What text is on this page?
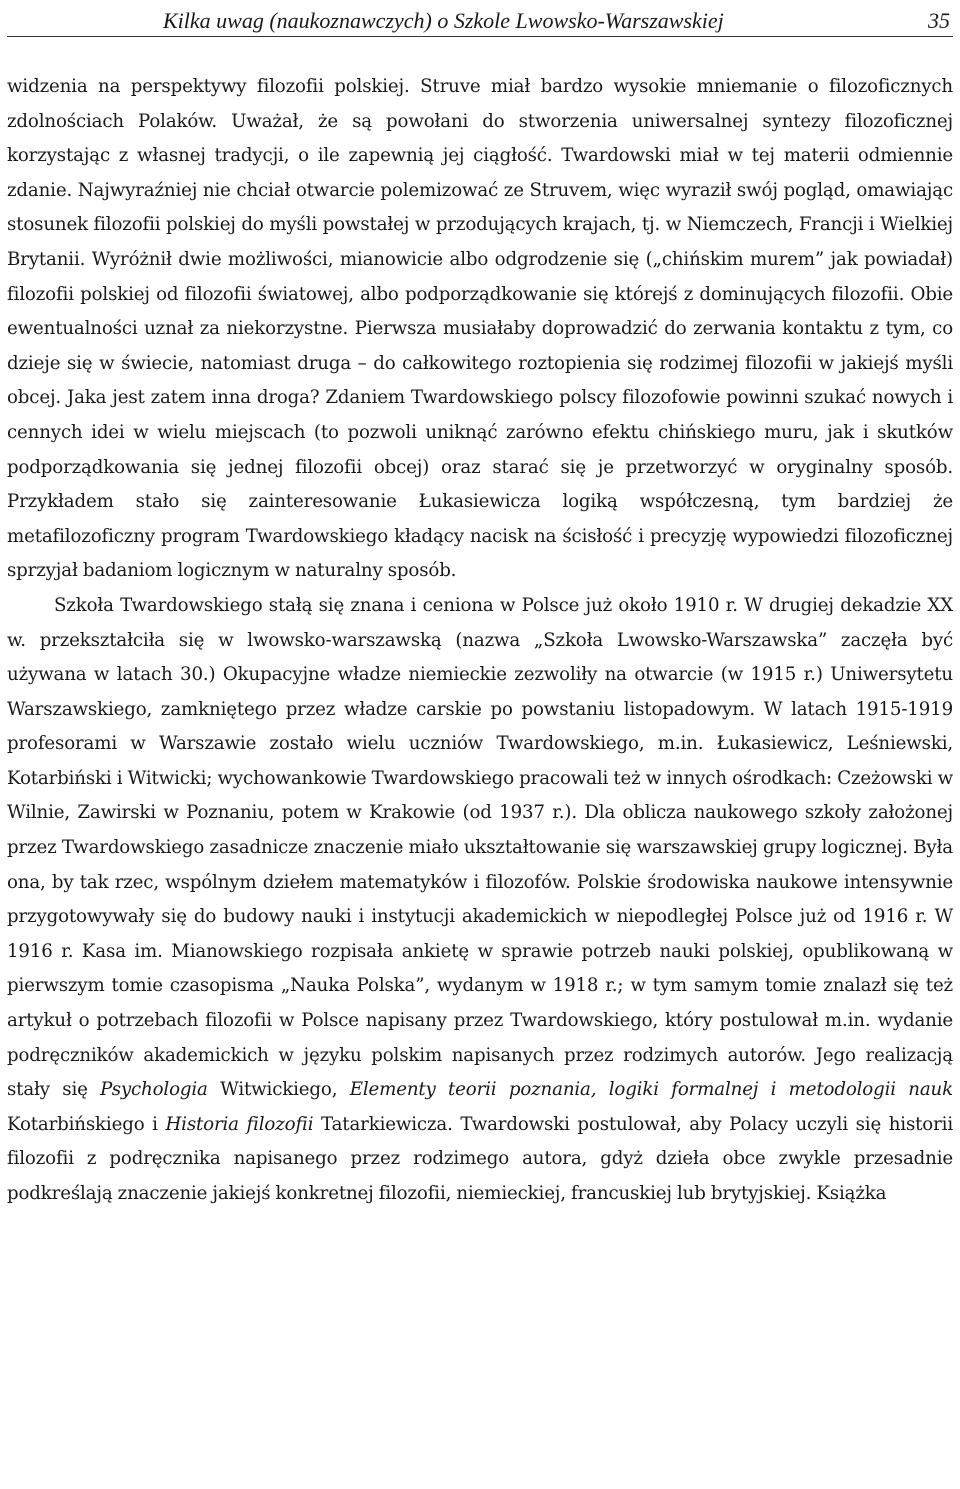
Kilka uwag (naukoznawczych) o Szkole Lwowsko-Warszawskiej	35

widzenia na perspektywy filozofii polskiej. Struve miał bardzo wysokie mniemanie o filozoficznych zdolnościach Polaków. Uważał, że są powołani do stworzenia uniwersalnej syntezy filozoficznej korzystając z własnej tradycji, o ile zapewnią jej ciągłość. Twardowski miał w tej materii odmiennie zdanie. Najwyraźniej nie chciał otwarcie polemizować ze Struvem, więc wyraził swój pogląd, omawiając stosunek filozofii polskiej do myśli powstałej w przodujących krajach, tj. w Niemczech, Francji i Wielkiej Brytanii. Wyróżnił dwie możliwości, mianowicie albo odgrodzenie się („chińskim murem” jak powiadał) filozofii polskiej od filozofii światowej, albo podporządkowanie się którejś z dominujących filozofii. Obie ewentualności uznał za niekorzystne. Pierwsza musiałaby doprowadzić do zerwania kontaktu z tym, co dzieje się w świecie, natomiast druga – do całkowitego roztopienia się rodzimej filozofii w jakiejś myśli obcej. Jaka jest zatem inna droga? Zdaniem Twardowskiego polscy filozofowie powinni szukać nowych i cennych idei w wielu miejscach (to pozwoli uniknąć zarówno efektu chińskiego muru, jak i skutków podporządkowania się jednej filozofii obcej) oraz starać się je przetworzyć w oryginalny sposób. Przykładem stało się zainteresowanie Łukasiewicza logiką współczesną, tym bardziej że metafilozoficzny program Twardowskiego kładący nacisk na ścisłość i precyzję wypowiedzi filozoficznej sprzyjał badaniom logicznym w naturalny sposób.

Szkoła Twardowskiego stałą się znana i ceniona w Polsce już około 1910 r. W drugiej dekadzie XX w. przekształciła się w lwowsko-warszawską (nazwa „Szkoła Lwowsko-Warszawska” zaczęła być używana w latach 30.) Okupacyjne władze niemieckie zezwoliły na otwarcie (w 1915 r.) Uniwersytetu Warszawskiego, zamkniętego przez władze carskie po powstaniu listopadowym. W latach 1915-1919 profesorami w Warszawie zostało wielu uczniów Twardowskiego, m.in. Łukasiewicz, Leśniewski, Kotarbiński i Witwicki; wychowankowie Twardowskiego pracowali też w innych ośrodkach: Czeżowski w Wilnie, Zawirski w Poznaniu, potem w Krakowie (od 1937 r.). Dla oblicza naukowego szkoły założonej przez Twardowskiego zasadnicze znaczenie miało ukształtowanie się warszawskiej grupy logicznej. Była ona, by tak rzec, wspólnym dziełem matematyków i filozofów. Polskie środowiska naukowe intensywnie przygotowywały się do budowy nauki i instytucji akademickich w niepodległej Polsce już od 1916 r. W 1916 r. Kasa im. Mianowskiego rozpisała ankietę w sprawie potrzeb nauki polskiej, opublikowaną w pierwszym tomie czasopisma „Nauka Polska”, wydanym w 1918 r.; w tym samym tomie znalazł się też artykuł o potrzebach filozofii w Polsce napisany przez Twardowskiego, który postulował m.in. wydanie podręczników akademickich w języku polskim napisanych przez rodzimych autorów. Jego realizacją stały się Psychologia Witwickiego, Elementy teorii poznania, logiki formalnej i metodologii nauk Kotarbińskiego i Historia filozofii Tatarkiewicza. Twardowski postulował, aby Polacy uczyli się historii filozofii z podręcznika napisanego przez rodzimego autora, gdyż dzieła obce zwykle przesadnie podkreślają znaczenie jakiejś konkretnej filozofii, niemieckiej, francuskiej lub brytyjskiej. Książka
